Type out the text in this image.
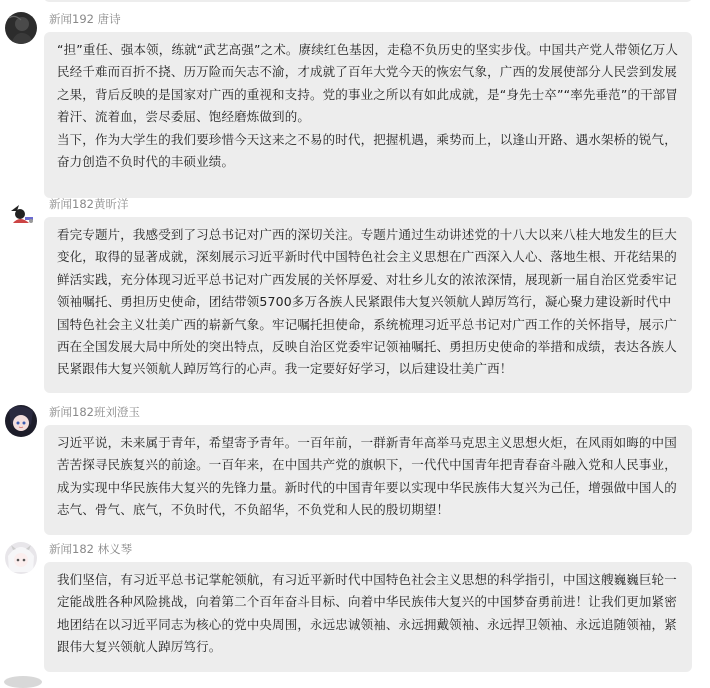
新闻192 唐诗

“担”重任、强本领，练就“武艺高强”之术。赓续红色基因，走稳不负历史的坚实步伐。中国共产党人带领亿万人民经千难而百折不挠、历万险而矢志不渝，才成就了百年大党今天的恢宏气象，广西的发展使部分人民尝到发展之果，背后反映的是国家对广西的重视和支持。党的事业之所以有如此成就，是“身先士卒”“率先垂范”的干部冒着汗、流着血，尝尽委屈、饱经磨炼做到的。

当下，作为大学生的我们要珍惜今天这来之不易的时代，把握机遇，乘势而上，以逢山开路、遇水架桥的锐气，奋力创造不负时代的丰硕业绩。

新闻182黄昕洋

看完专题片，我感受到了习总书记对广西的深切关注。专题片通过生动讲述党的十八大以来八桂大地发生的巨大变化，取得的显著成就，深刻展示习近平新时代中国特色社会主义思想在广西深入人心、落地生根、开花结果的鲜活实践，充分体现习近平总书记对广西发展的关怀厚爱、对壮乡儿女的浓浓深情，展现新一届自治区党委牢记领袖嘱托、勇担历史使命，团结带领5700多万各族人民紧跟伟大复兴领航人踔厉笃行，凝心聚力建设新时代中国特色社会主义壮美广西的崭新气象。牢记嘱托担使命，系统梳理习近平总书记对广西工作的关怀指导，展示广西在全国发展大局中所处的突出特点，反映自治区党委牢记领袖嘱托、勇担历史使命的举措和成绩，表达各族人民紧跟伟大复兴领航人踔厉笃行的心声。我一定要好好学习，以后建设壮美广西！

新闻182班刘澄玉

习近平说，未来属于青年，希望寄予青年。一百年前，一群新青年高举马克思主义思想火炬，在风雨如晦的中国苦苦探寻民族复兴的前途。一百年来，在中国共产党的旗帜下，一代代中国青年把青春奋斗融入党和人民事业，成为实现中华民族伟大复兴的先锋力量。新时代的中国青年要以实现中华民族伟大复兴为己任，增强做中国人的志气、骨气、底气，不负时代，不负韶华，不负党和人民的殷切期望！

新闻182 林义琴

我们坚信，有习近平总书记掌舵领航，有习近平新时代中国特色社会主义思想的科学指引，中国这艘巍巍巨轮一定能战胜各种风险挑战，向着第二个百年奋斗目标、向着中华民族伟大复兴的中国梦奋勇前进！让我们更加紧密地团结在以习近平同志为核心的党中央周围，永远忠诚领袖、永远拥戴领袖、永远捍卫领袖、永远追随领袖，紧跟伟大复兴领航人踔厉笃行。
